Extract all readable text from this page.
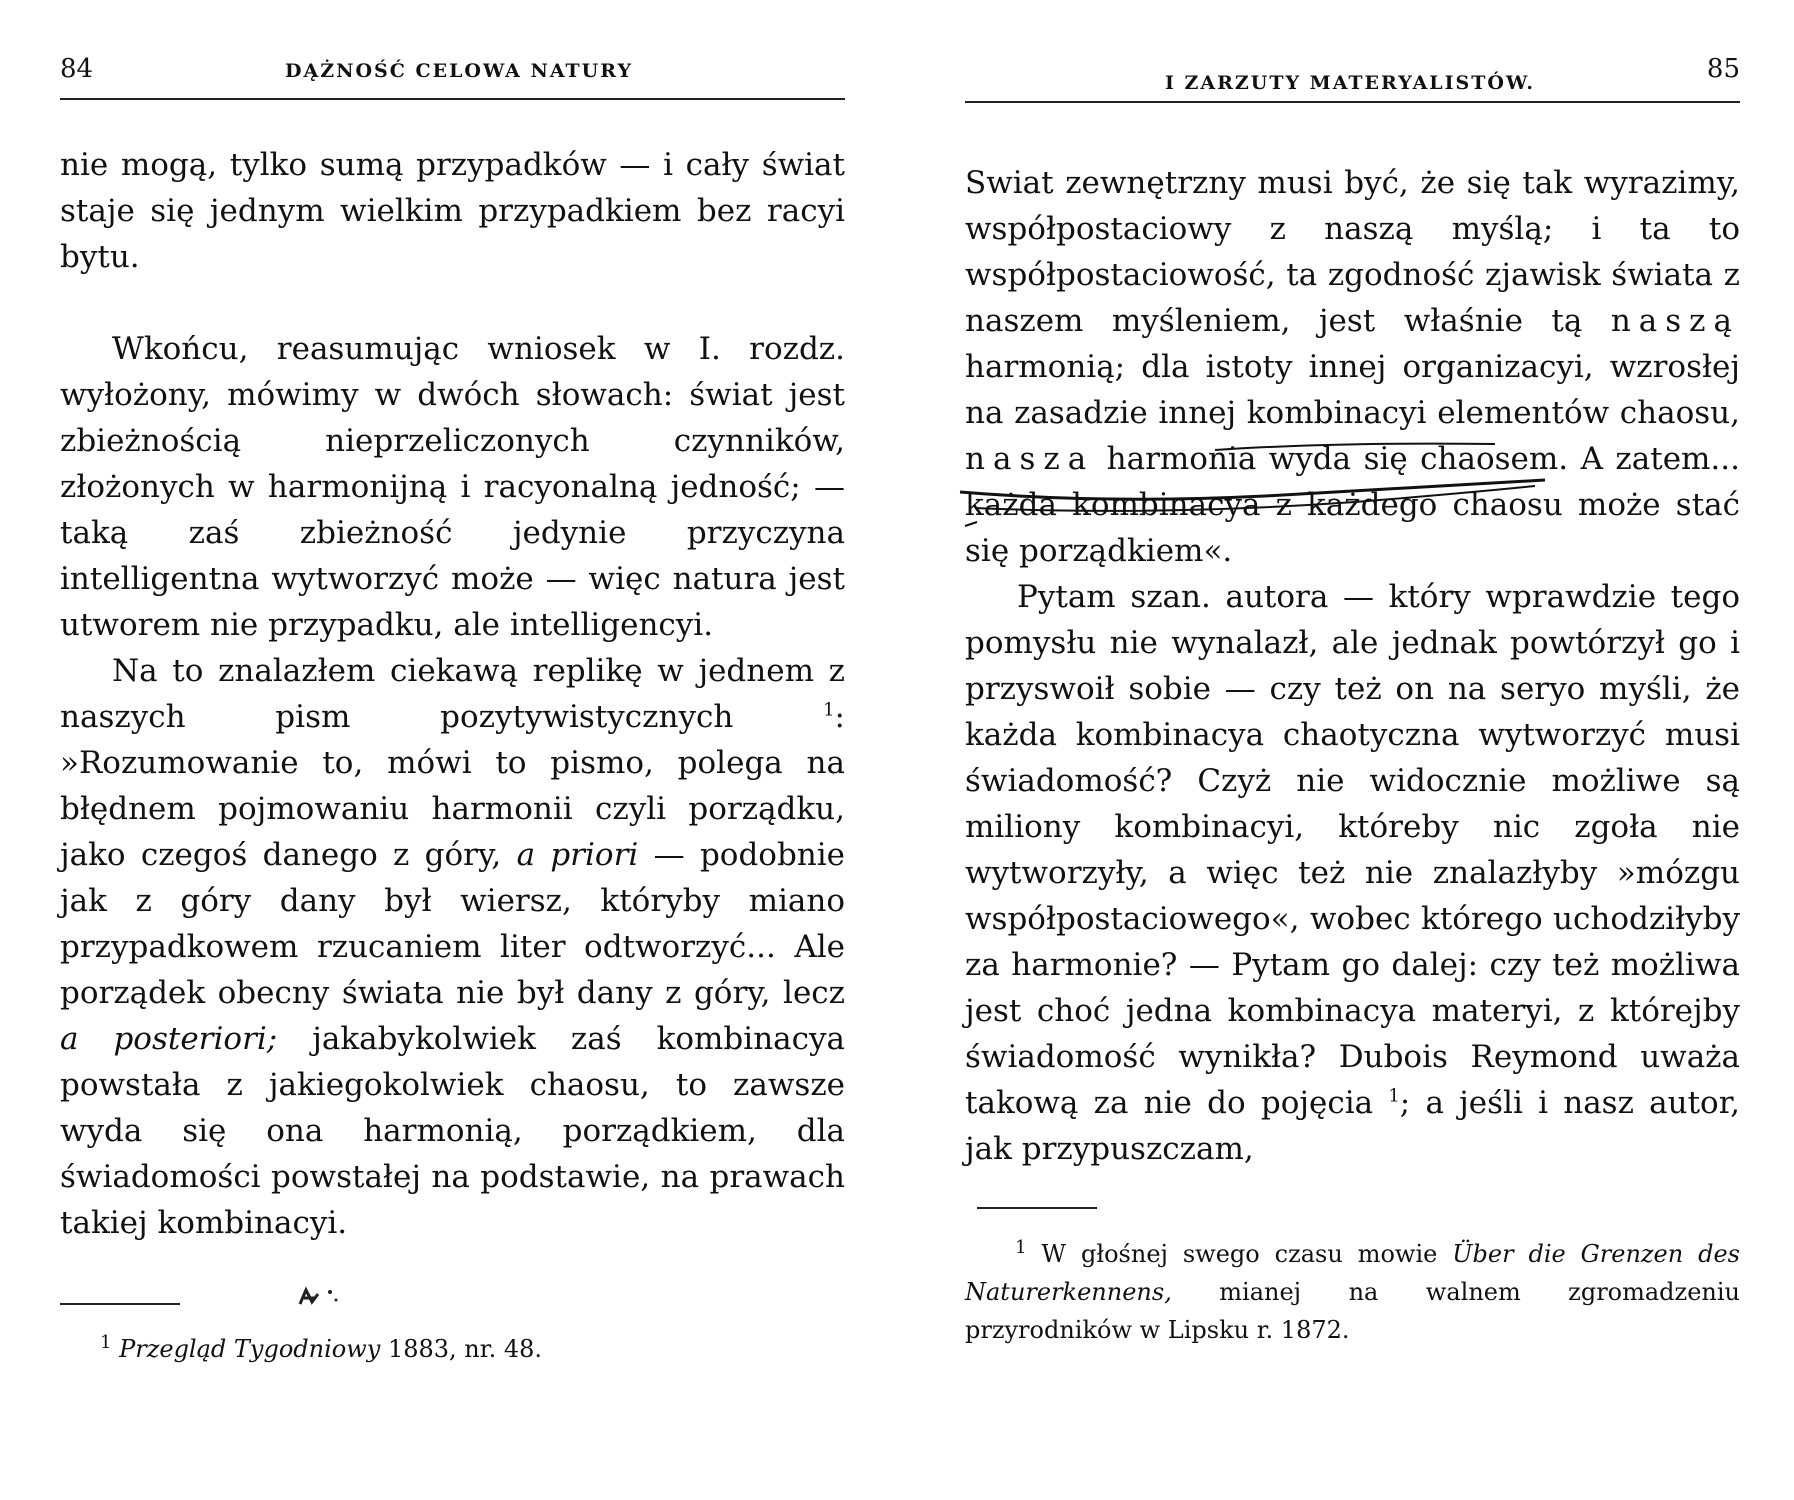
84	DĄŻNOŚĆ CELOWA NATURY

nie mogą, tylko sumą przypadków — i cały świat staje się jednym wielkim przypadkiem bez racyi bytu.

Wkońcu, reasumując wniosek w I. rozdz. wyłożony, mówimy w dwóch słowach: świat jest zbieżnością nieprzeliczonych czynników, złożonych w harmonijną i racyonalną jedność; — taką zaś zbieżność jedynie przyczyna intelligentna wytworzyć może — więc natura jest utworem nie przypadku, ale intelligencyi.

Na to znalazłem ciekawą replikę w jednem z naszych pism pozytywistycznych	$^1$: »Rozumowanie to, mówi to pismo, polega na błędnem pojmowaniu harmonii czyli porządku, jako czegoś danego z góry, a priori — podobnie jak z góry dany był wiersz, któryby miano przypadkowem rzucaniem liter odtworzyć... Ale porządek obecny świata nie był dany z góry, lecz a posteriori; jakabykolwiek zaś kombinacya powstała z jakiegokolwiek chaosu, to zawsze wyda się ona harmonią, porządkiem, dla świadomości powstałej na podstawie, na prawach takiej kombinacyi.

$^1$ Przegląd Tygodniowy 1883, nr. 48.
I ZARZUTY MATERYALISTÓW.	85

Swiat zewnętrzny musi być, że się tak wyrazimy, współpostaciowy z naszą myślą; i ta to współpostaciowość, ta zgodność zjawisk świata z naszem myśleniem, jest właśnie tą naszą harmonią; dla istoty innej organizacyi, wzrosłej na zasadzie innej kombinacyi elementów chaosu, nasza harmonia wyda się chaosem. A zatem... każda kombinacya z każdego chaosu może stać się porządkiem«.

Pytam szan. autora — który wprawdzie tego pomysłu nie wynalazł, ale jednak powtórzył go i przyswoił sobie — czy też on na seryo myśli, że każda kombinacya chaotyczna wytworzyć musi świadomość? Czyż nie widocznie możliwe są miliony kombinacyi, któreby nic zgoła nie wytworzyły, a więc też nie znalazłyby »mózgu współpostaciowego«, wobec którego uchodziłyby za harmonie? — Pytam go dalej: czy też możliwa jest choć jedna kombinacya materyi, z którejby świadomość wynikła? Dubois Reymond uważa takową za nie do pojęcia $^1$; a jeśli i nasz autor, jak przypuszczam,

$^1$ W głośnej swego czasu mowie Über die Grenzen des Naturerkennens, mianej na walnem zgromadzeniu przyrodników w Lipsku r. 1872.
